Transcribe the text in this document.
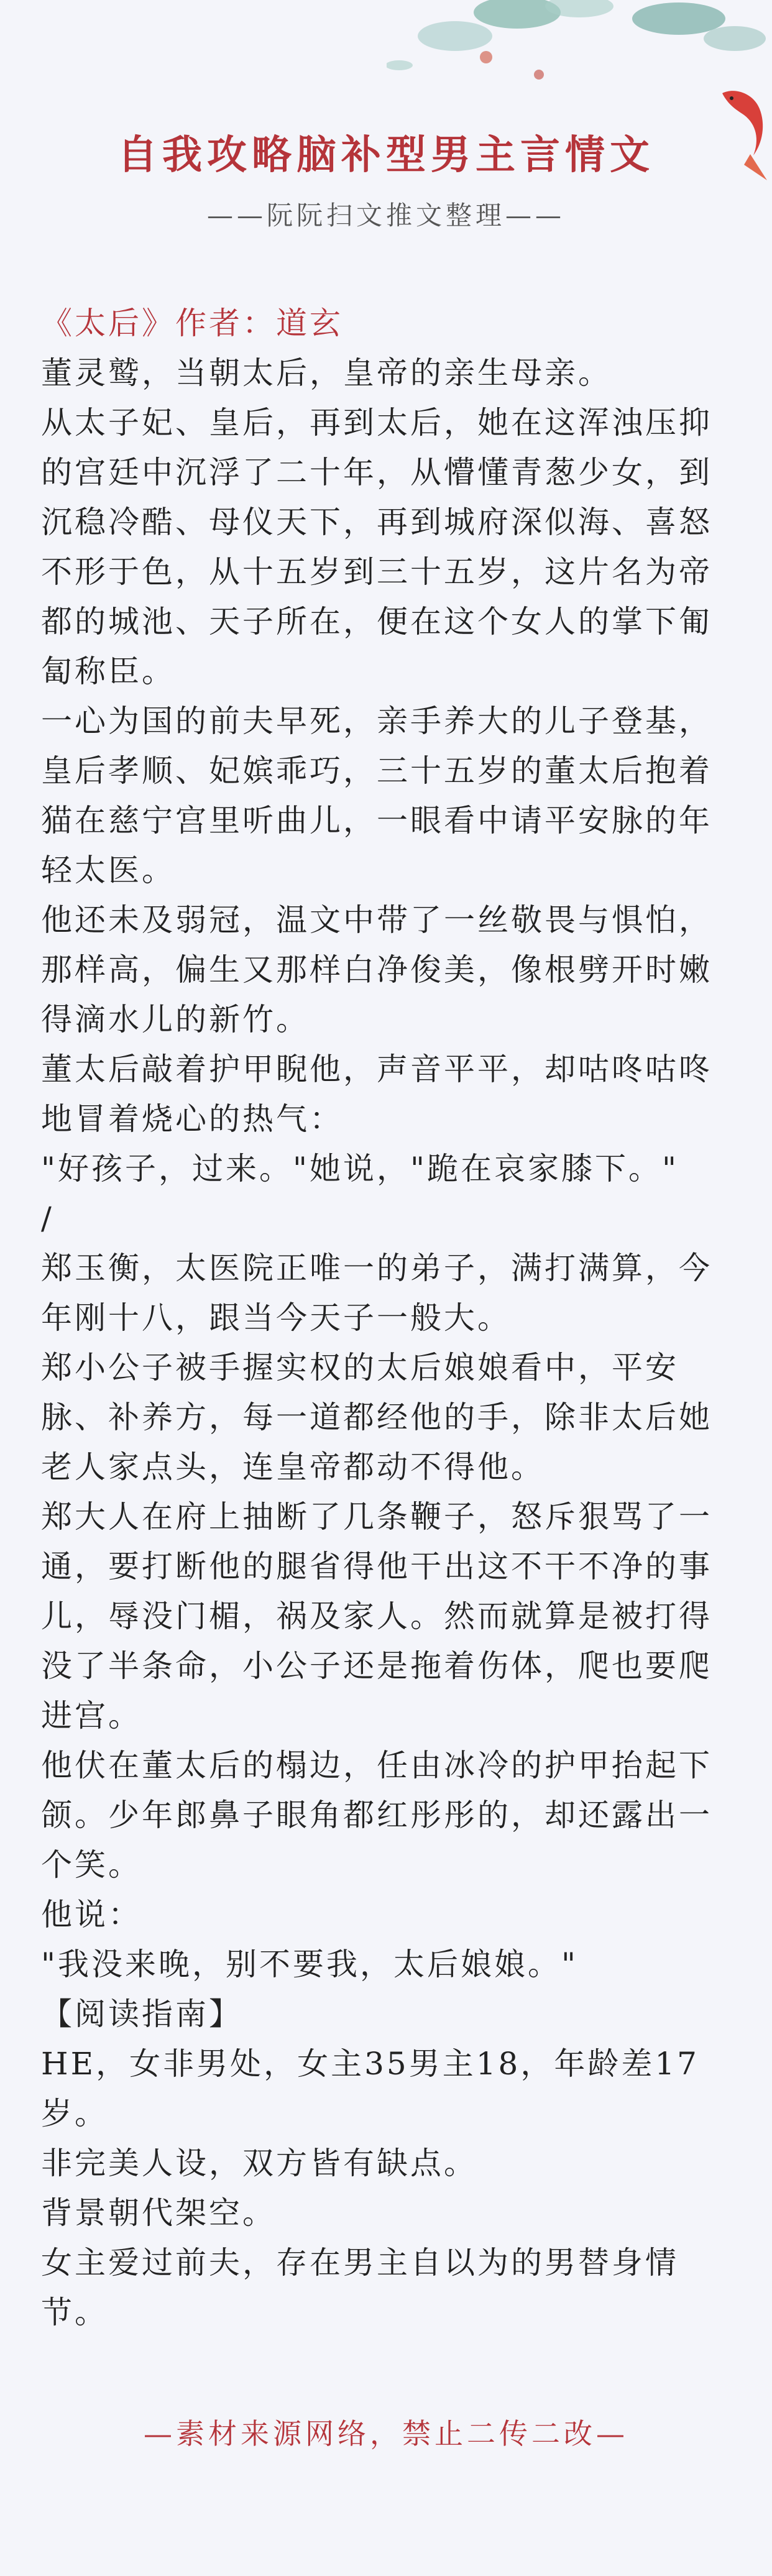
自我攻略脑补型男主言情文
——阮阮扫文推文整理——

《太后》作者：道玄

董灵鹫，当朝太后，皇帝的亲生母亲。

从太子妃、皇后，再到太后，她在这浑浊压抑的宫廷中沉浮了二十年，从懵懂青葱少女，到沉稳冷酷、母仪天下，再到城府深似海、喜怒不形于色，从十五岁到三十五岁，这片名为帝都的城池、天子所在，便在这个女人的掌下匍匐称臣。

一心为国的前夫早死，亲手养大的儿子登基，皇后孝顺、妃嫔乖巧，三十五岁的董太后抱着猫在慈宁宫里听曲儿，一眼看中请平安脉的年轻太医。

他还未及弱冠，温文中带了一丝敬畏与惧怕，那样高，偏生又那样白净俊美，像根劈开时嫩得滴水儿的新竹。

董太后敲着护甲睨他，声音平平，却咕咚咕咚地冒着烧心的热气：

"好孩子，过来。"她说，"跪在哀家膝下。"

/

郑玉衡，太医院正唯一的弟子，满打满算，今年刚十八，跟当今天子一般大。

郑小公子被手握实权的太后娘娘看中，平安脉、补养方，每一道都经他的手，除非太后她老人家点头，连皇帝都动不得他。

郑大人在府上抽断了几条鞭子，怒斥狠骂了一通，要打断他的腿省得他干出这不干不净的事儿，辱没门楣，祸及家人。然而就算是被打得没了半条命，小公子还是拖着伤体，爬也要爬进宫。

他伏在董太后的榻边，任由冰冷的护甲抬起下颌。少年郎鼻子眼角都红彤彤的，却还露出一个笑。

他说：

"我没来晚，别不要我，太后娘娘。"

【阅读指南】

HE，女非男处，女主35男主18，年龄差17岁。

非完美人设，双方皆有缺点。

背景朝代架空。

女主爱过前夫，存在男主自以为的男替身情节。

—素材来源网络，禁止二传二改—
